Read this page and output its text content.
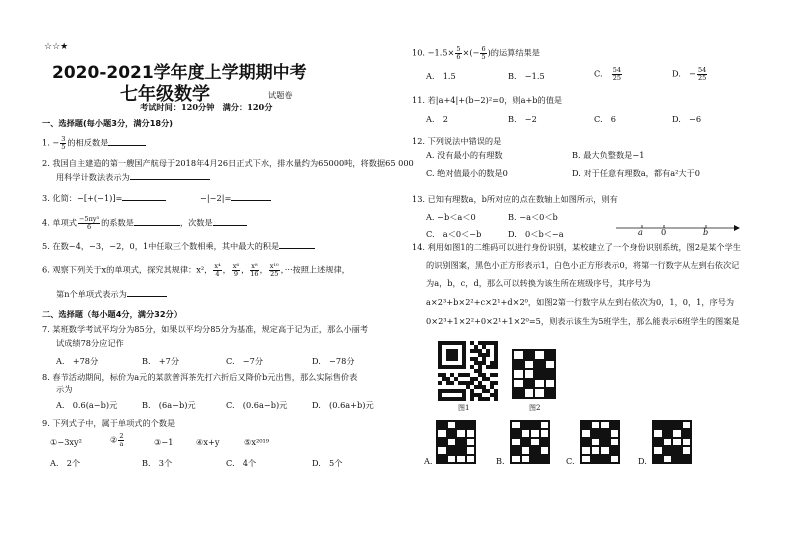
☆☆★
2020-2021学年度上学期期中考
七年级数学	试题卷
考试时间：120分钟　满分：120分
一、选择题(每小题3分，满分18分)
1. − $\frac{3}{5}$ 的相反数是
2. 我国自主建造的第一艘国产航母于2018年4月26日正式下水，排水量约为65000吨，将数据65 000
用科学计数法表示为
3. 化简：−[+(−1)]=	−|−2|=
4. 单项式 $\frac{\text{−5πy³}}{6}$ 的系数是	，次数是
5. 在数−4，−3，−2，0，1中任取三个数相乘，其中最大的积是
6. 观察下列关于x的单项式，探究其规律：x²， $\frac{\text{x⁴}}{4}$ ， $\frac{\text{x⁶}}{9}$ ， $\frac{\text{x⁸}}{16}$ ， $\frac{\text{x¹⁰}}{25}$ ，···按照上述规律，
第n个单项式表示为
二、选择题（每小题4分，满分32分）
7. 某班数学考试平均分为85分，如果以平均分85分为基准，规定高于记为正，那么小丽考
试成绩78分应记作
A.　+78分	B.　+7分	C.　−7分	D.　−78分
8. 春节活动期间，标价为a元的某款普洱茶先打六折后又降价b元出售，那么实际售价表
示为
A.　0.6(a−b)元	B.　(6a−b)元	C.　(0.6a−b)元	D.　(0.6a+b)元
9. 下列式子中，属于单项式的个数是
①−3xy²	② $\frac{2}{a}$	③−1	④x+y	⑤x²⁰¹⁹
A.　2个	B.　3个	C.　4个	D.　5个
10. $-1.5\times \frac{5}{6}$ ×(− $\frac{6}{5}$ )的运算结果是
A.　1.5	B.　−1.5	C.  $\frac{54}{25}$	D.　− $\frac{54}{25}$
11. 若|a+4|+(b−2)²=0，则a+b的值是
A.　2	B.　−2	C.　6	D.　−6
12. 下列说法中错误的是
A. 没有最小的有理数	B. 最大负整数是−1
C. 绝对值最小的数是0	D. 对于任意有理数a，都有a²大于0
13. 已知有理数a，b所对应的点在数轴上如图所示，则有
A. −b＜a＜0	B. −a＜0＜b
C.　a＜0＜−b	D.　0＜b＜−a	a 0	b
14. 利用如图1的二维码可以进行身份识别，某校建立了一个身份识别系统，图2是某个学生
的识别图案，黑色小正方形表示1，白色小正方形表示0，将第一行数字从左到右依次记
为a，b，c，d，那么可以转换为该生所在班级序号，其序号为
a×2³+b×2²+c×2¹+d×2⁰，如图2第一行数字从左到右依次为0，1，0，1，序号为
0×2³+1×2²+0×2¹+1×2⁰=5，则表示该生为5班学生，那么能表示6班学生的图案是
图1	图2
A.	B.	C.	D.
